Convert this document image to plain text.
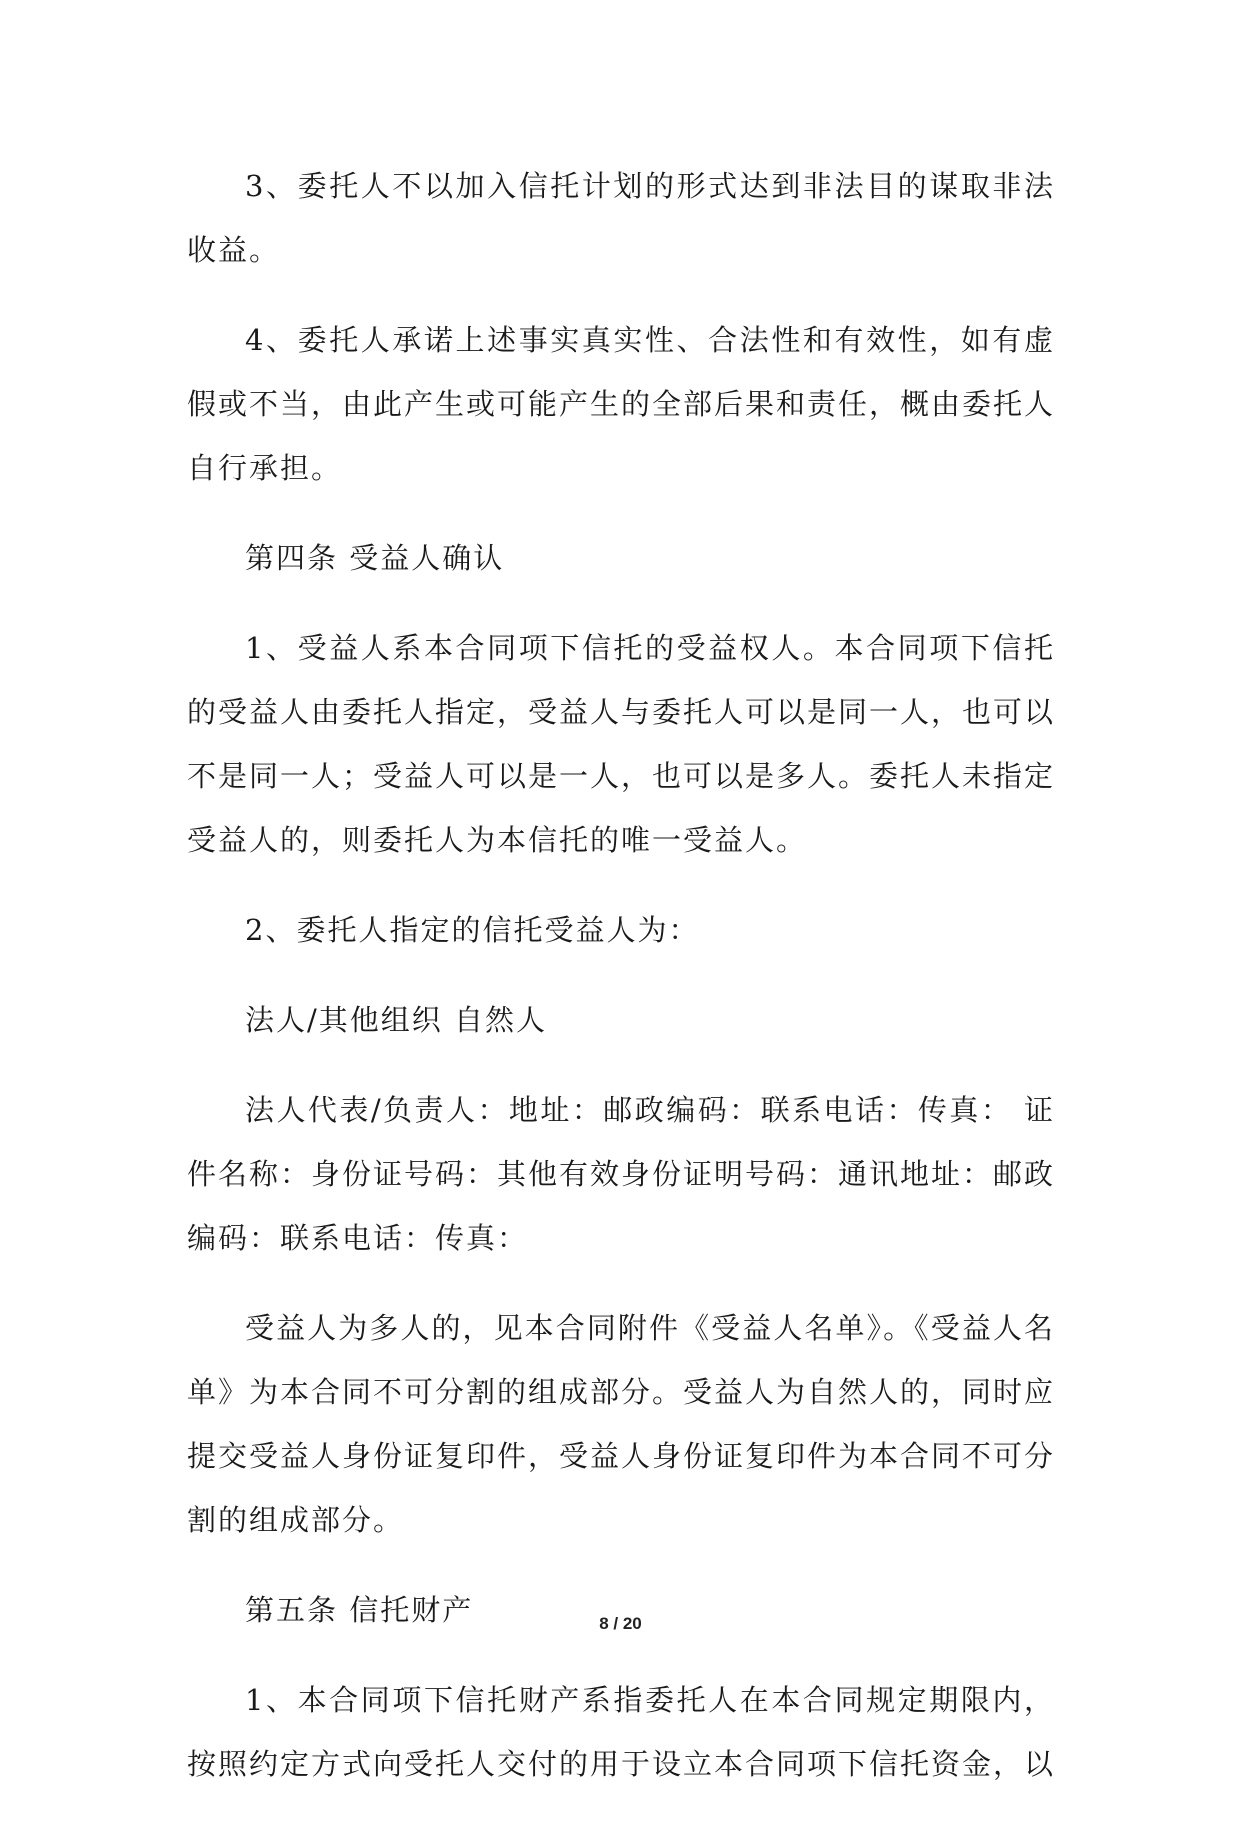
3、委托人不以加入信托计划的形式达到非法目的谋取非法收益。

4、委托人承诺上述事实真实性、合法性和有效性，如有虚假或不当，由此产生或可能产生的全部后果和责任，概由委托人自行承担。

第四条 受益人确认

1、受益人系本合同项下信托的受益权人。本合同项下信托的受益人由委托人指定，受益人与委托人可以是同一人，也可以不是同一人；受益人可以是一人，也可以是多人。委托人未指定受益人的，则委托人为本信托的唯一受益人。

2、委托人指定的信托受益人为：

法人/其他组织 自然人

法人代表/负责人：地址：邮政编码：联系电话：传真： 证件名称：身份证号码：其他有效身份证明号码：通讯地址：邮政编码：联系电话：传真：

受益人为多人的，见本合同附件《受益人名单》。《受益人名单》为本合同不可分割的组成部分。受益人为自然人的，同时应提交受益人身份证复印件，受益人身份证复印件为本合同不可分割的组成部分。

第五条 信托财产

1、本合同项下信托财产系指委托人在本合同规定期限内，按照约定方式向受托人交付的用于设立本合同项下信托资金，以

8 / 20
